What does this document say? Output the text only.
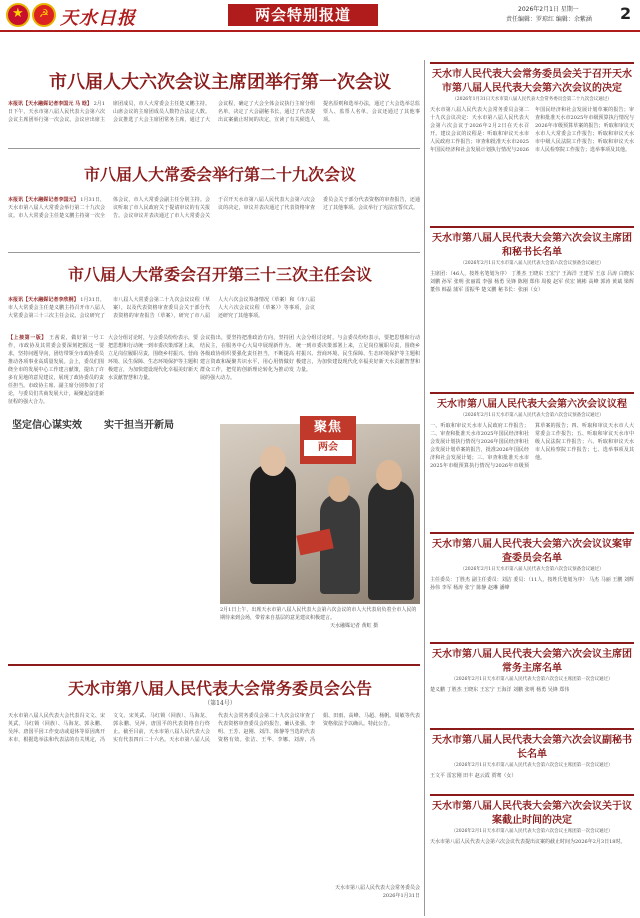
★
☭
天水日报	两会特别报道	2026年2月1日 星期一
责任编辑：罗琼红 编辑：余紫涵 2
市八届人大六次会议主席团举行第一次会议
本报讯【天水融媒记者李国元 马 晗】 2月1日下午，天水市第八届人民代表大会第六次会议主席团举行第一次会议。会议应出席主席团成员，市人大常委会主任楚义鹏主持。山席会议的主席团成员人数符合法定人数。会议推选了大会主席团常务主席，通过了大会议程，确定了大会全体会议执行主席分组名单，决定了大会副秘书长，通过了代表提出议案截止时间的决定，宣读了有关候选人提名原则和选举办法，通过了大会选举总监票人、监票人名单，会议还通过了其他事项。
市八届人大常委会举行第二十九次会议
本报讯【天水融媒记者李国元】 1月31日，天水市第八届人大常委会举行第二十九次会议。市人大常委会主任楚义鹏主持第一次全体会议，市人大常委会副主任分别主持。会议听取了市人民政府关于提请审议的有关报告。会议审议并表决通过了市人大常委会关于召开天水市第八届人民代表大会第六次会议的决定，审议并表决通过了代表资格审查委员会关于部分代表资格的审查报告，还通过了其他事项。会议举行了宪法宣誓仪式。
市八届人大常委会召开第三十三次主任会议
本报讯【天水融媒记者李欣桐】 1月31日，市人大常委会主任楚义鹏主持召开市八届人大常委会第三十三次主任会议。会议研究了市八届人大常委会第二十九次会议议程（草案），以及代表资格审查委员会关于部分代表资格的审查报告（草案），研究了市八届人大六次会议筹备情况（草案）和《市八届人大六次会议议程（草案）》等事项，会议还研究了其他事项。
【上接第一版】 王茜说，做好第一号工作，市政协及其常委会要深刻把握这一要求，坚持问题导向，团结带领全市政协委员推动各项事业高质量发展。会上，委员们围绕全市的发展中心工作建言献策，提出了许多有见地的意见建议，展现了政协委员的责任担当。市政协主席、副主席分别参加了讨论，与委员们共商发展大计，凝聚起奋进新征程的强大合力。
坚定信心谋实效
大会分组讨论时，与会委员纷纷表示，要把思想和行动统一到市委决策部署上来，立足岗位履职尽责，围绕乡村振兴、营商环境、民生保障、生态环境保护等主题积极建言，为加快建设现代化幸福美好新天水贡献智慧和力量。
实干担当开新局
会议指出，要坚持把准政治方向，坚持团结民主，在服务中心大局中展现新作为。各级政协组织要强化责任担当，不断提高建言资政和凝聚共识水平，用心用情做好群众工作，把党的创新理论转化为推动发展的强大动力。
大会分组讨论时，与会委员纷纷表示，要把思想和行动统一到市委决策部署上来，立足岗位履职尽责，围绕乡村振兴、营商环境、民生保障、生态环境保护等主题积极建言，为加快建设现代化幸福美好新天水贡献智慧和力量。
聚焦
两会
2月1日上午，出席天水市第八届人民代表大会第六次会议的市人大代表肩负着全市人民的期待来到会场，带着来自基层的意见建议积极建言。
天水融媒记者 黄虹 摄
天水市第八届人民代表大会常务委员会公告
（第14号）
天水市第八届人民代表大会代表冯文文、宋英武、马红锁（回族）、马海龙、郭永鹏、吴萍、唐国平因工作变动或退休等原因离开本市，根据选举法和代表法的有关规定，冯文文、宋英武、马红锁（回族）、马海龙、郭永鹏、吴萍、唐国平的代表资格自行终止。截至目前，天水市第八届人民代表大会实有代表四百二十六名。天水市第八届人民代表大会常务委员会第二十九次会议审查了代表资格审查委员会的报告，确认张强、李明、王芳、赵刚、刘洋、陈静等当选的代表资格有效。张洁、王华、李娜、刘涛、冯娟、田雨、高峰、马超、杨帆、周敏等代表资格依法予以确认。特此公告。
天水市第八届人民代表大会常务委员会
2026年1月31日
天水市人民代表大会常务委员会关于召开天水市第八届人民代表大会第六次会议的决定
（2026年1月31日天水市第八届人民代表大会常务委员会第二十九次会议通过）
天水市第八届人民代表大会常务委员会第二十九次会议决定：天水市第八届人民代表大会第六次会议于2026年2月2日在天水召开。建议会议的议程是：听取和审议天水市人民政府工作报告；审查和批准天水市2025年国民经济和社会发展计划执行情况与2026年国民经济和社会发展计划草案的报告；审查和批准天水市2025年市级预算执行情况与2026年市级预算草案的报告；听取和审议天水市人大常委会工作报告；听取和审议天水市中级人民法院工作报告；听取和审议天水市人民检察院工作报告；选举事项及其他。
天水市第八届人民代表大会第六次会议主席团和秘书长名单
（2026年2月1日天水市第八届人民代表大会第六次会议预备会议通过）
主席团：（46人，按姓名笔划为序） 丁胜杰 王晓东 王宏宁 王海洋 王建军 王彦 吕涛 白晓东 刘鹏 孙军 张明 张丽霞 李强 杨勇 吴锋 陈刚 郑伟 周俊 赵军 侯宏 姚彬 高峰 郭涛 黄斌 梁辉 董伟 韩磊 蒲军 雷振华 楚义鹏 秘书长：张丽（女）
天水市第八届人民代表大会第六次会议议程
（2026年2月1日天水市第八届人民代表大会第六次会议预备会议通过）
一、听取和审议天水市人民政府工作报告；二、审查和批准天水市2025年国民经济和社会发展计划执行情况与2026年国民经济和社会发展计划草案的报告，批准2026年国民经济和社会发展计划；三、审查和批准天水市2025年市级预算执行情况与2026年市级预算草案的报告；四、听取和审议天水市人大常委会工作报告；五、听取和审议天水市中级人民法院工作报告；六、听取和审议天水市人民检察院工作报告；七、选举事项及其他。
天水市第八届人民代表大会第六次会议议案审查委员会名单
（2026年2月1日天水市第八届人民代表大会第六次会议预备会议通过）
主任委员：丁胜杰 副主任委员：刘洁 委员：（11人，按姓氏笔划为序） 马杰 马丽 王鹏 刘辉 孙伟 李军 杨涛 张宁 陈静 赵琳 潘峰
天水市第八届人民代表大会第六次会议主席团常务主席名单
（2026年2月1日天水市第八届人民代表大会第六次会议主席团第一次会议通过）
楚义鹏 丁胜杰 王晓东 王宏宁 王海洋 刘鹏 张明 杨勇 吴锋 郑伟
天水市第八届人民代表大会第六次会议副秘书长名单
（2026年2月1日天水市第八届人民代表大会第六次会议主席团第一次会议通过）
王文平 雷宏刚 田丰 赵云霞 贾骞（女）
天水市第八届人民代表大会第六次会议关于议案截止时间的决定
（2026年2月1日天水市第八届人民代表大会第六次会议主席团第一次会议通过）
天水市第八届人民代表大会第六次会议代表提出议案的截止时间为2026年2月3日18时。
